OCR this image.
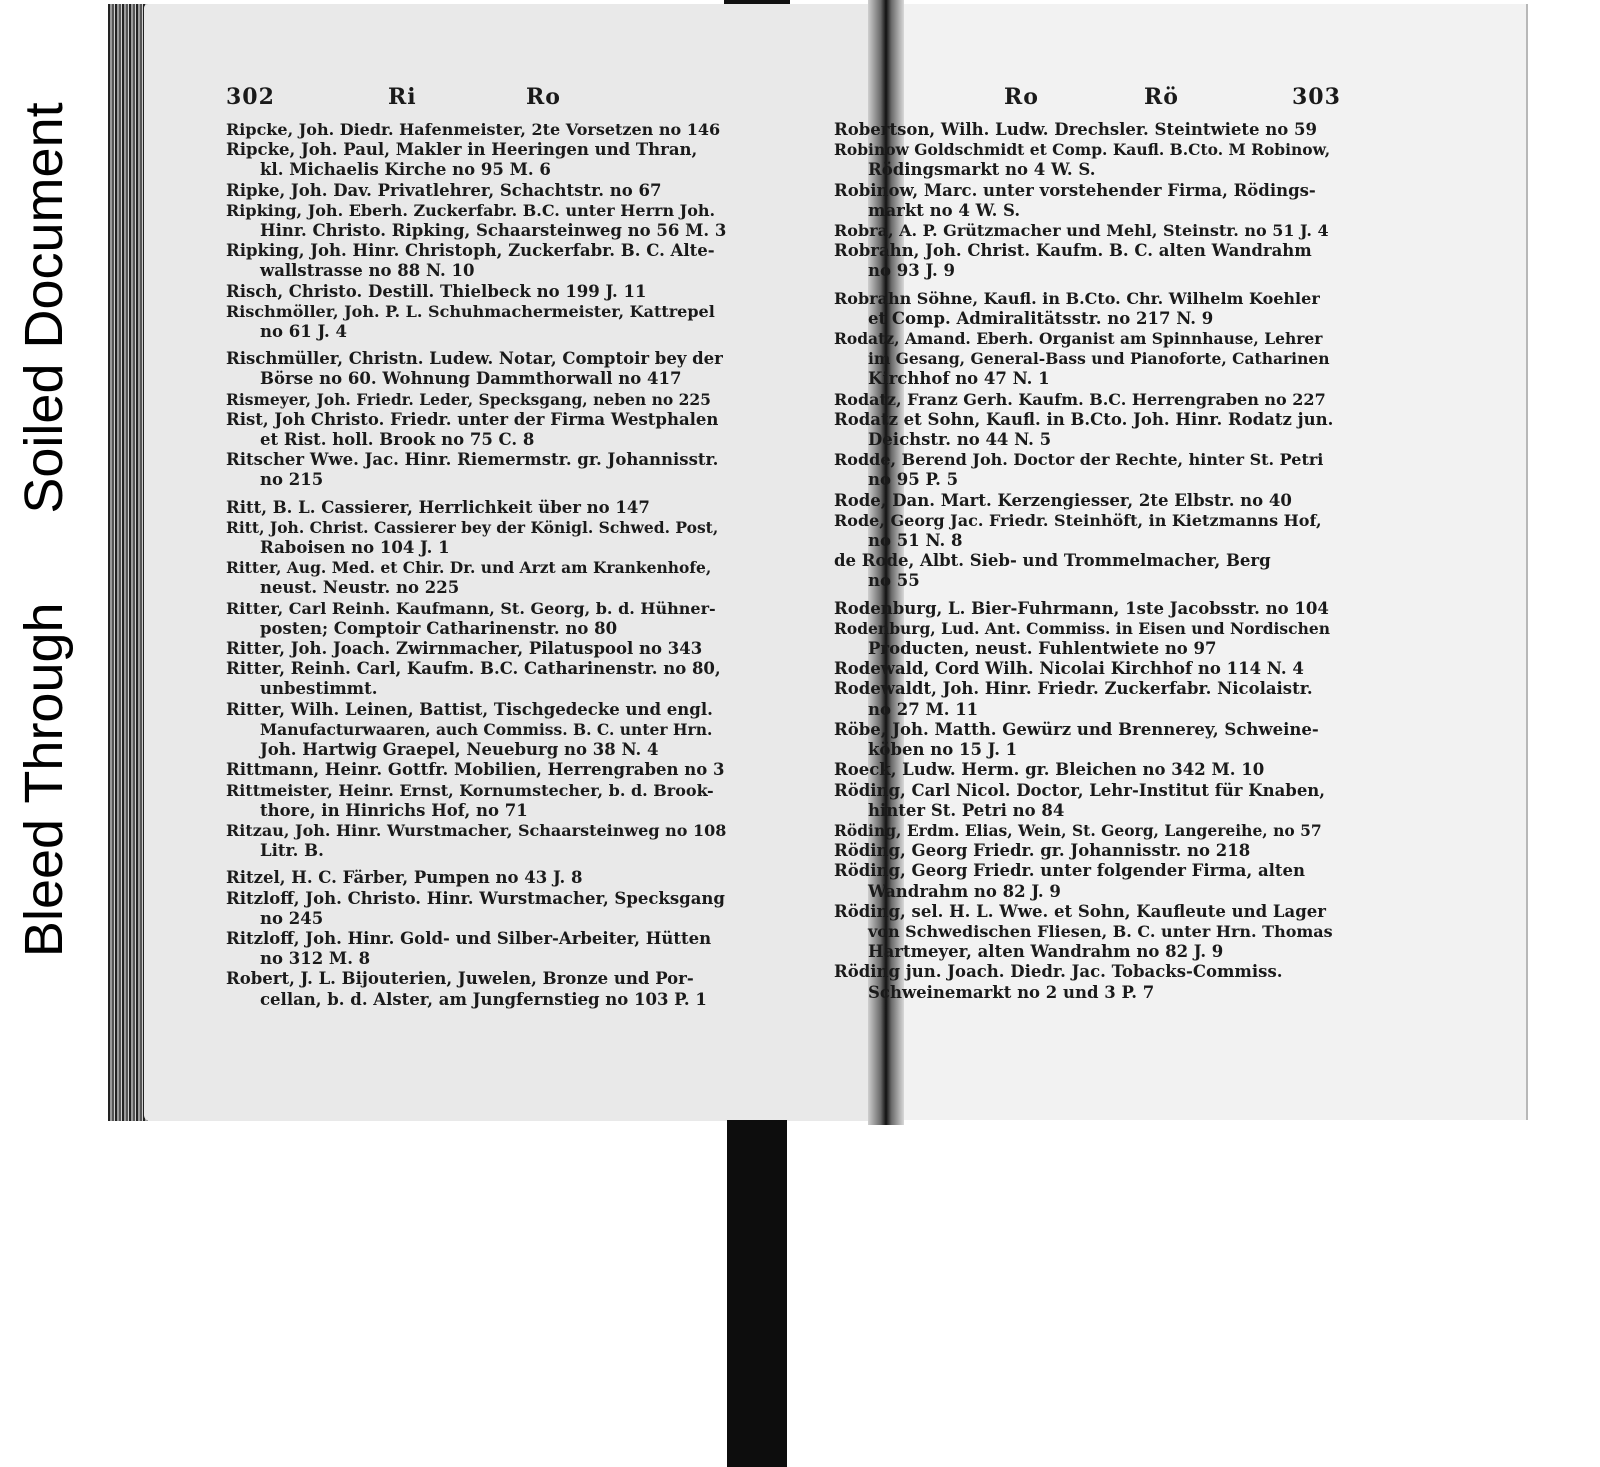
Bleed
Through
Soiled Document
302	Ri	Ro	Ro	Rö	303
Ripcke, Joh. Diedr. Hafenmeister, 2te Vorsetzen no 146
Ripcke, Joh. Paul, Makler in Heeringen und Thran,
kl. Michaelis Kirche no 95 M. 6
Ripke, Joh. Dav. Privatlehrer, Schachtstr. no 67
Ripking, Joh. Eberh. Zuckerfabr. B.C. unter Herrn Joh.
Hinr. Christo. Ripking, Schaarsteinweg no 56 M. 3
Ripking, Joh. Hinr. Christoph, Zuckerfabr. B. C. Alte-
wallstrasse no 88 N. 10
Risch, Christo. Destill. Thielbeck no 199 J. 11
Rischmöller, Joh. P. L. Schuhmachermeister, Kattrepel
no 61 J. 4
Rischmüller, Christn. Ludew. Notar, Comptoir bey der
Börse no 60. Wohnung Dammthorwall no 417
Rismeyer, Joh. Friedr. Leder, Specksgang, neben no 225
Rist, Joh Christo. Friedr. unter der Firma Westphalen
et Rist. holl. Brook no 75 C. 8
Ritscher Wwe. Jac. Hinr. Riemermstr. gr. Johannisstr.
no 215
Ritt, B. L. Cassierer, Herrlichkeit über no 147
Ritt, Joh. Christ. Cassierer bey der Königl. Schwed. Post,
Raboisen no 104 J. 1
Ritter, Aug. Med. et Chir. Dr. und Arzt am Krankenhofe,
neust. Neustr. no 225
Ritter, Carl Reinh. Kaufmann, St. Georg, b. d. Hühner-
posten; Comptoir Catharinenstr. no 80
Ritter, Joh. Joach. Zwirnmacher, Pilatuspool no 343
Ritter, Reinh. Carl, Kaufm. B.C. Catharinenstr. no 80,
unbestimmt.
Ritter, Wilh. Leinen, Battist, Tischgedecke und engl.
Manufacturwaaren, auch Commiss. B. C. unter Hrn.
Joh. Hartwig Graepel, Neueburg no 38 N. 4
Rittmann, Heinr. Gottfr. Mobilien, Herrengraben no 3
Rittmeister, Heinr. Ernst, Kornumstecher, b. d. Brook-
thore, in Hinrichs Hof, no 71
Ritzau, Joh. Hinr. Wurstmacher, Schaarsteinweg no 108
Litr. B.
Ritzel, H. C. Färber, Pumpen no 43 J. 8
Ritzloff, Joh. Christo. Hinr. Wurstmacher, Specksgang
no 245
Ritzloff, Joh. Hinr. Gold- und Silber-Arbeiter, Hütten
no 312 M. 8
Robert, J. L. Bijouterien, Juwelen, Bronze und Por-
cellan, b. d. Alster, am Jungfernstieg no 103 P. 1
Robertson, Wilh. Ludw. Drechsler. Steintwiete no 59
Robinow Goldschmidt et Comp. Kaufl. B.Cto. M Robinow,
Rödingsmarkt no 4 W. S.
Robinow, Marc. unter vorstehender Firma, Rödings-
markt no 4 W. S.
Robra, A. P. Grützmacher und Mehl, Steinstr. no 51 J. 4
Robrahn, Joh. Christ. Kaufm. B. C. alten Wandrahm
no 93 J. 9
Robrahn Söhne, Kaufl. in B.Cto. Chr. Wilhelm Koehler
et Comp. Admiralitätsstr. no 217 N. 9
Rodatz, Amand. Eberh. Organist am Spinnhause, Lehrer
im Gesang, General-Bass und Pianoforte, Catharinen
Kirchhof no 47 N. 1
Rodatz, Franz Gerh. Kaufm. B.C. Herrengraben no 227
Rodatz et Sohn, Kaufl. in B.Cto. Joh. Hinr. Rodatz jun.
Deichstr. no 44 N. 5
Rodde, Berend Joh. Doctor der Rechte, hinter St. Petri
no 95 P. 5
Rode, Dan. Mart. Kerzengiesser, 2te Elbstr. no 40
Rode, Georg Jac. Friedr. Steinhöft, in Kietzmanns Hof,
no 51 N. 8
de Rode, Albt. Sieb- und Trommelmacher, Berg
no 55
Rodenburg, L. Bier-Fuhrmann, 1ste Jacobsstr. no 104
Rodenburg, Lud. Ant. Commiss. in Eisen und Nordischen
Producten, neust. Fuhlentwiete no 97
Rodewald, Cord Wilh. Nicolai Kirchhof no 114 N. 4
Rodewaldt, Joh. Hinr. Friedr. Zuckerfabr. Nicolaistr.
no 27 M. 11
Röbe, Joh. Matth. Gewürz und Brennerey, Schweine-
köben no 15 J. 1
Roeck, Ludw. Herm. gr. Bleichen no 342 M. 10
Röding, Carl Nicol. Doctor, Lehr-Institut für Knaben,
hinter St. Petri no 84
Röding, Erdm. Elias, Wein, St. Georg, Langereihe, no 57
Röding, Georg Friedr. gr. Johannisstr. no 218
Röding, Georg Friedr. unter folgender Firma, alten
Wandrahm no 82 J. 9
Röding, sel. H. L. Wwe. et Sohn, Kaufleute und Lager
von Schwedischen Fliesen, B. C. unter Hrn. Thomas
Hartmeyer, alten Wandrahm no 82 J. 9
Röding jun. Joach. Diedr. Jac. Tobacks-Commiss.
Schweinemarkt no 2 und 3 P. 7
